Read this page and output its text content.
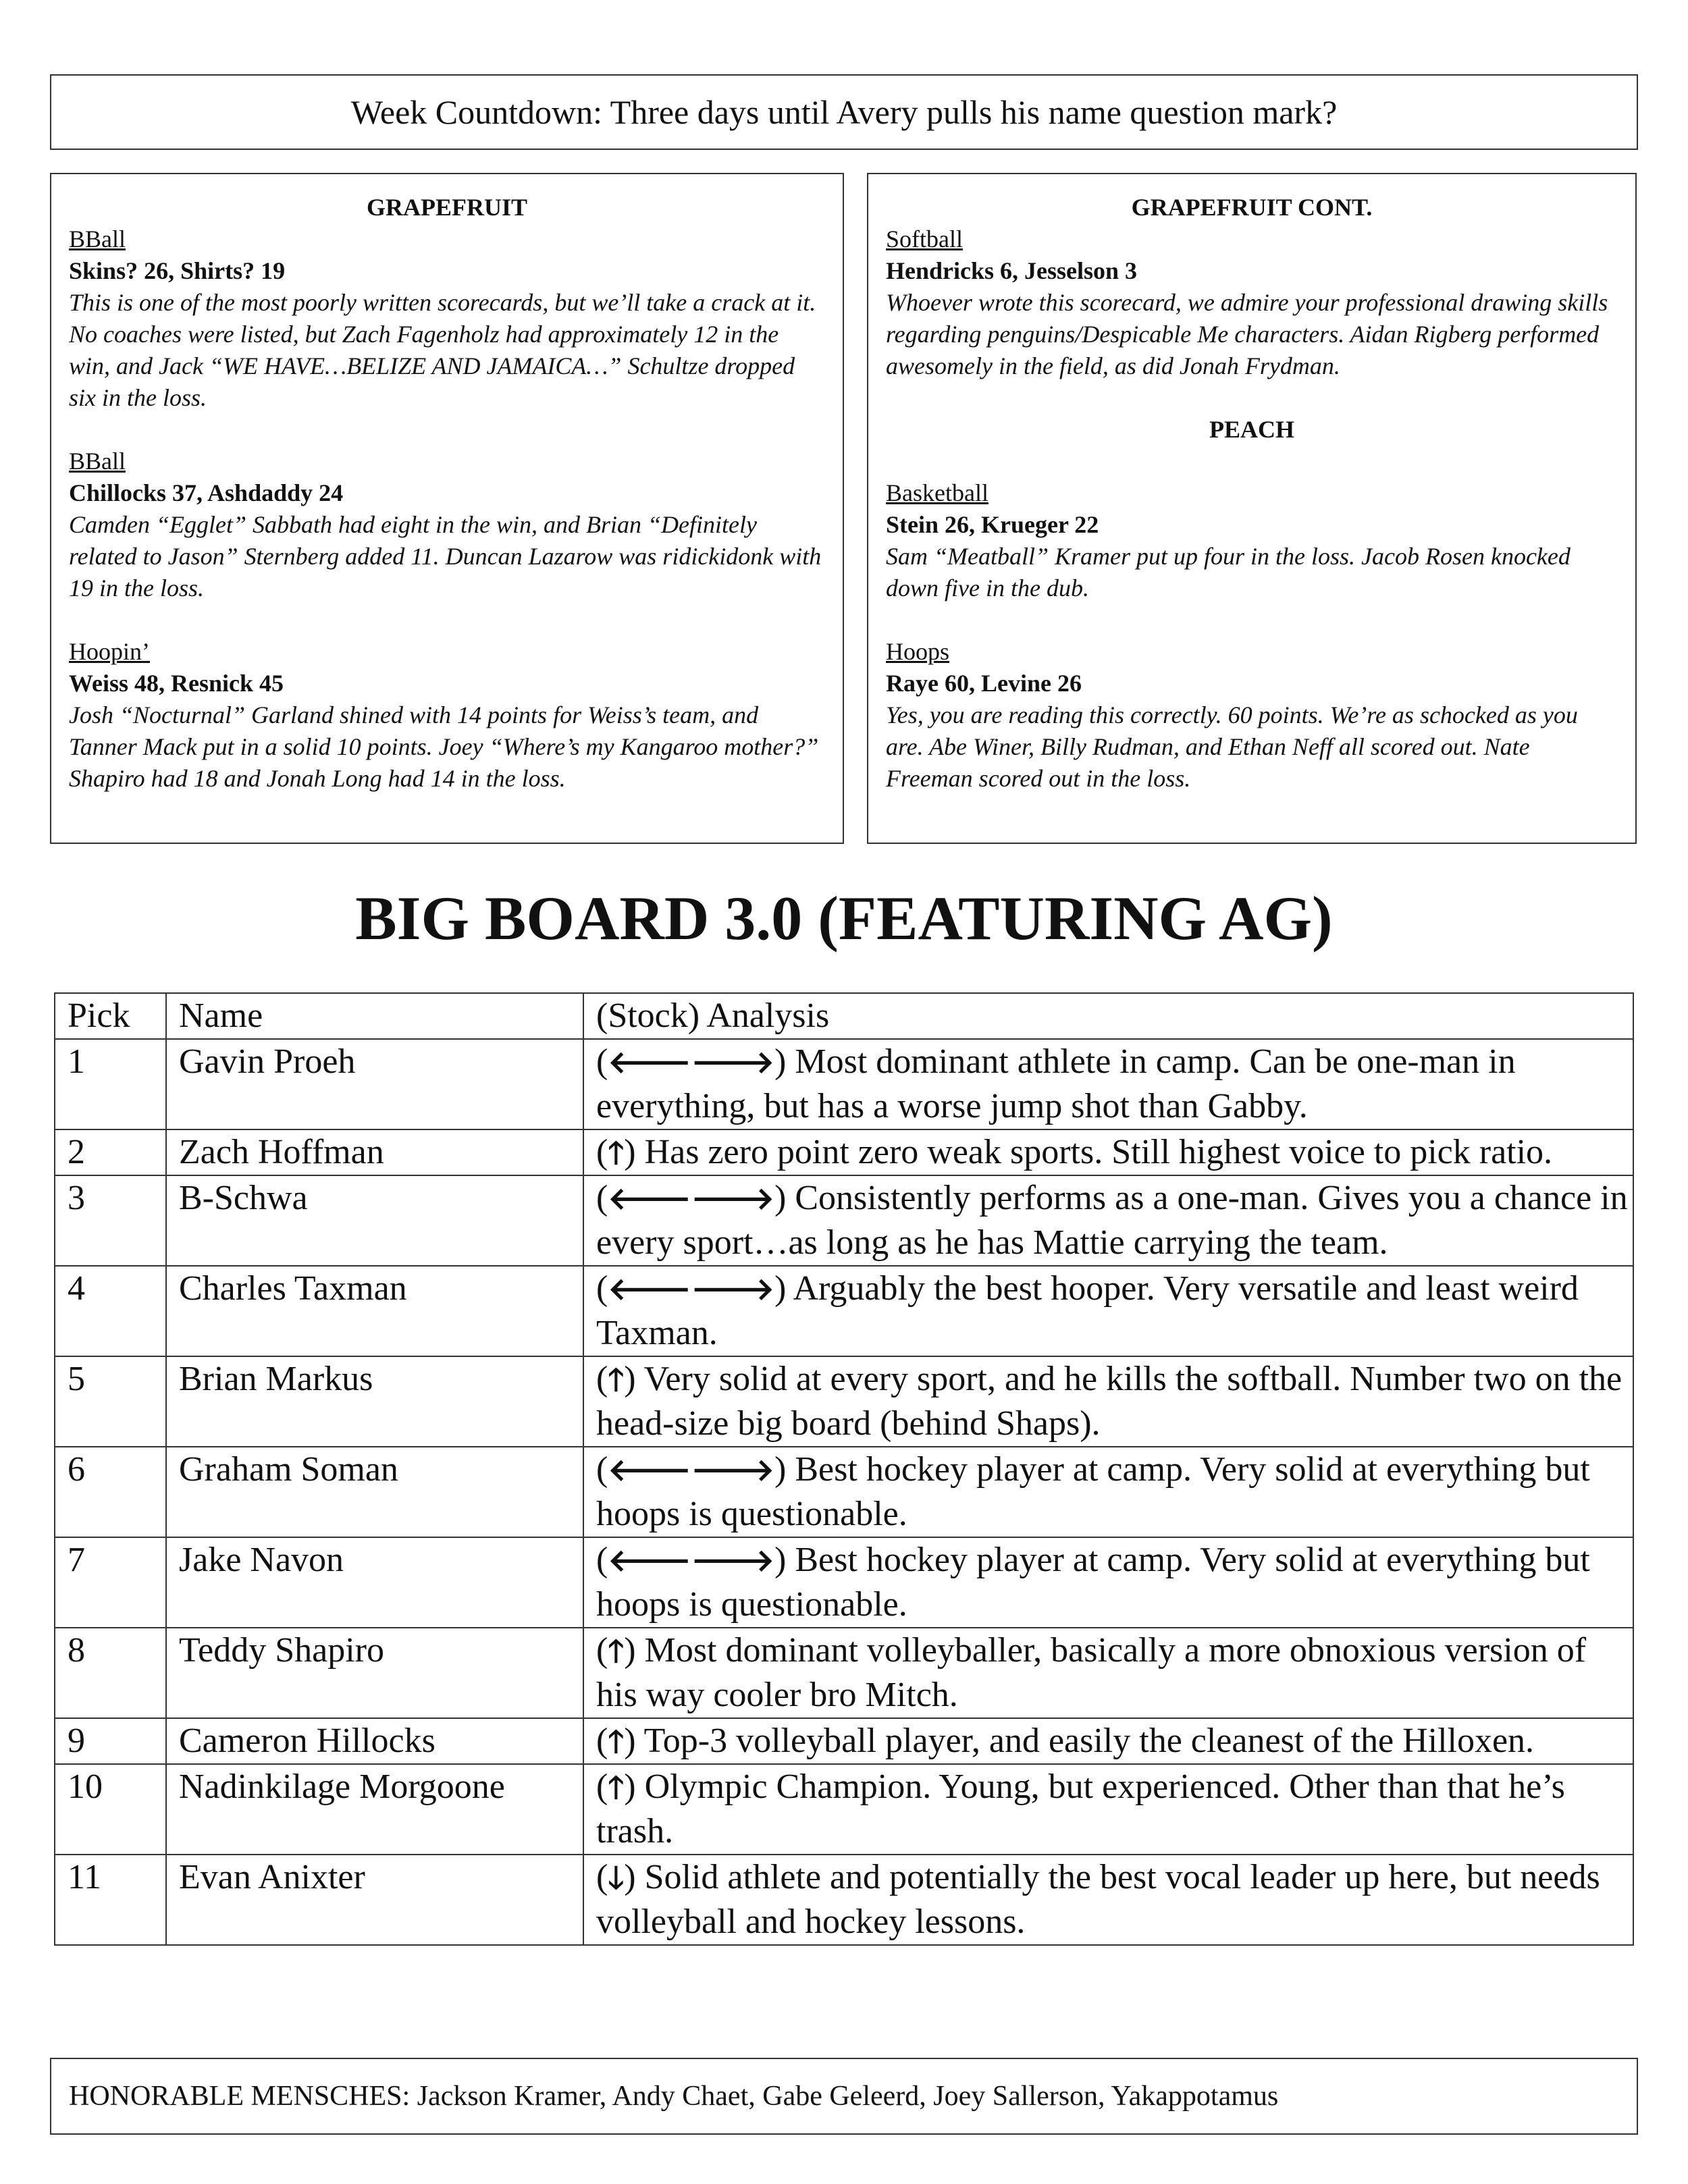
Week Countdown: Three days until Avery pulls his name question mark?

GRAPEFRUIT

BBall
Skins? 26, Shirts? 19
This is one of the most poorly written scorecards, but we’ll take a crack at it. No coaches were listed, but Zach Fagenholz had approximately 12 in the win, and Jack “WE HAVE…BELIZE AND JAMAICA…” Schultze dropped six in the loss.
BBall
Chillocks 37, Ashdaddy 24
Camden “Egglet” Sabbath had eight in the win, and Brian “Definitely related to Jason” Sternberg added 11. Duncan Lazarow was ridickidonk with 19 in the loss.
Hoopin’
Weiss 48, Resnick 45
Josh “Nocturnal” Garland shined with 14 points for Weiss’s team, and Tanner Mack put in a solid 10 points. Joey “Where’s my Kangaroo mother?” Shapiro had 18 and Jonah Long had 14 in the loss.

GRAPEFRUIT CONT.

Softball
Hendricks 6, Jesselson 3
Whoever wrote this scorecard, we admire your professional drawing skills regarding penguins/Despicable Me characters. Aidan Rigberg performed awesomely in the field, as did Jonah Frydman.

PEACH

Basketball
Stein 26, Krueger 22
Sam “Meatball” Kramer put up four in the loss. Jacob Rosen knocked down five in the dub.
Hoops
Raye 60, Levine 26
Yes, you are reading this correctly. 60 points. We’re as schocked as you are. Abe Winer, Billy Rudman, and Ethan Neff all scored out. Nate Freeman scored out in the loss.
BIG BOARD 3.0 (FEATURING AG)
Pick	Name	(Stock) Analysis
1	Gavin Proeh	(🡐🡒) Most dominant athlete in camp. Can be one-man in everything, but has a worse jump shot than Gabby.
2	Zach Hoffman	(🡑) Has zero point zero weak sports. Still highest voice to pick ratio.
3	B-Schwa	(🡐🡒) Consistently performs as a one-man. Gives you a chance in every sport…as long as he has Mattie carrying the team.
4	Charles Taxman	(🡐🡒) Arguably the best hooper. Very versatile and least weird Taxman.
5	Brian Markus	(🡑) Very solid at every sport, and he kills the softball. Number two on the head-size big board (behind Shaps).
6	Graham Soman	(🡐🡒) Best hockey player at camp. Very solid at everything but hoops is questionable.
7	Jake Navon	(🡐🡒) Best hockey player at camp. Very solid at everything but hoops is questionable.
8	Teddy Shapiro	(🡑) Most dominant volleyballer, basically a more obnoxious version of his way cooler bro Mitch.
9	Cameron Hillocks	(🡑) Top-3 volleyball player, and easily the cleanest of the Hilloxen.
10	Nadinkilage Morgoone	(🡑) Olympic Champion. Young, but experienced. Other than that he’s trash.
11	Evan Anixter	(🡓) Solid athlete and potentially the best vocal leader up here, but needs volleyball and hockey lessons.
HONORABLE MENSCHES: Jackson Kramer, Andy Chaet, Gabe Geleerd, Joey Sallerson, Yakappotamus
